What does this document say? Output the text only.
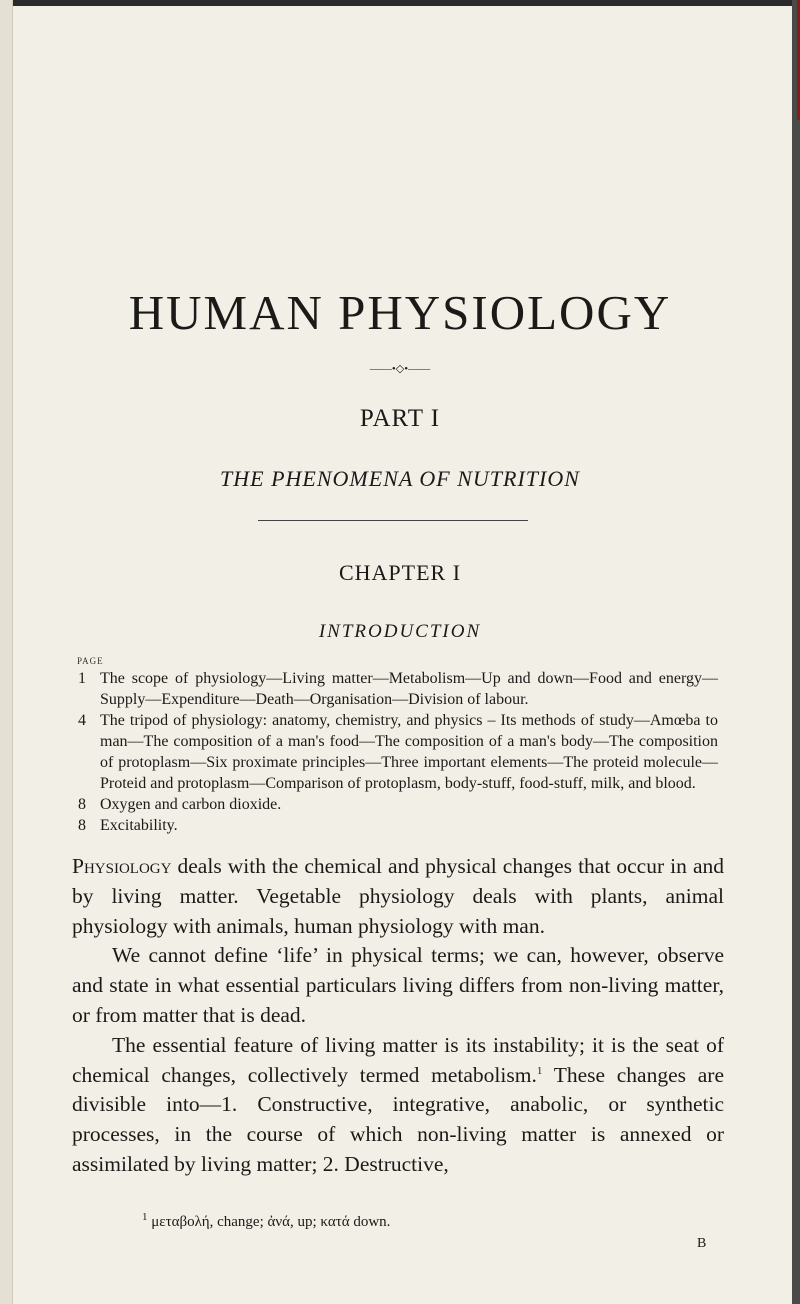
HUMAN PHYSIOLOGY
——•◇•——
PART I
THE PHENOMENA OF NUTRITION
CHAPTER I
INTRODUCTION
PAGE
1 The scope of physiology—Living matter—Metabolism—Up and down—Food and energy—Supply—Expenditure—Death—Organisation—Division of labour.
4 The tripod of physiology: anatomy, chemistry, and physics – Its methods of study—Amœba to man—The composition of a man's food—The composition of a man's body—The composition of protoplasm—Six proximate principles—Three important elements—The proteid molecule—Proteid and protoplasm—Comparison of protoplasm, body-stuff, food-stuff, milk, and blood.
8 Oxygen and carbon dioxide.
8 Excitability.

Physiology deals with the chemical and physical changes that occur in and by living matter. Vegetable physiology deals with plants, animal physiology with animals, human physiology with man.

We cannot define ‘life’ in physical terms; we can, however, observe and state in what essential particulars living differs from non-living matter, or from matter that is dead.

The essential feature of living matter is its instability; it is the seat of chemical changes, collectively termed metabolism.$^1$ These changes are divisible into—1. Constructive, integrative, anabolic, or synthetic processes, in the course of which non-living matter is annexed or assimilated by living matter; 2. Destructive,

$^1$ μεταβολή, change; ἀνά, up; κατά down.
B
